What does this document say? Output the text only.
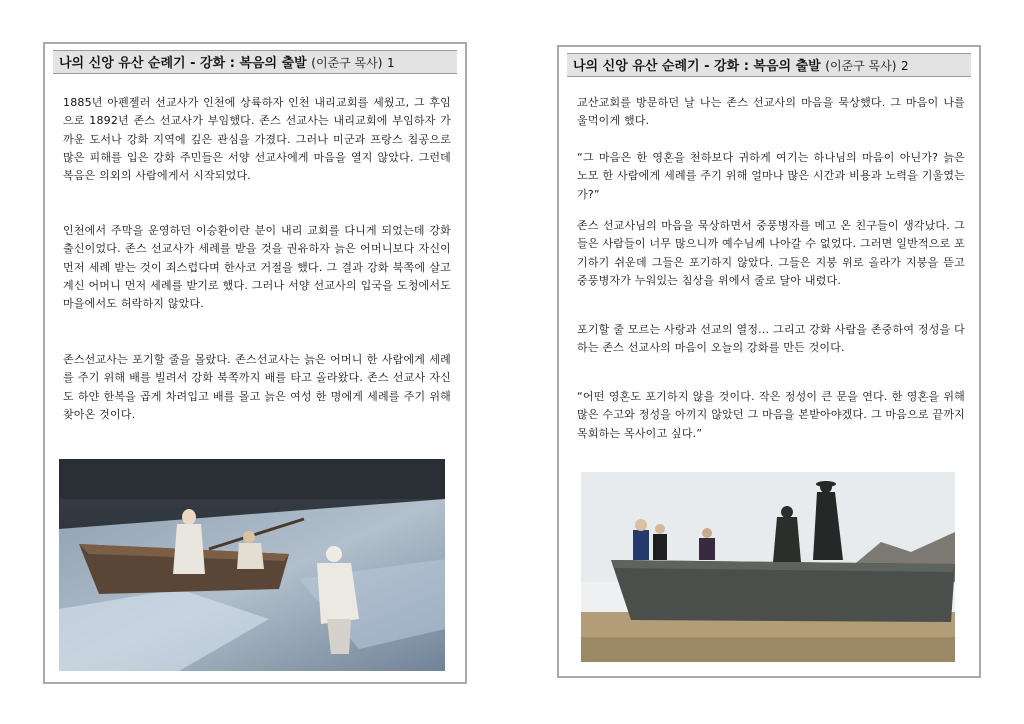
나의 신앙 유산 순례기 - 강화 : 복음의 출발 (이준구 목사) 1

1885년 아펜젤러 선교사가 인천에 상륙하자 인천 내리교회를 세웠고, 그 후임으로 1892년 존스 선교사가 부임했다. 존스 선교사는 내리교회에 부임하자 가까운 도서나 강화 지역에 깊은 관심을 가졌다. 그러나 미군과 프랑스 침공으로 많은 피해를 입은 강화 주민들은 서양 선교사에게 마음을 열지 않았다. 그런데 복음은 의외의 사람에게서 시작되었다.

인천에서 주막을 운영하던 이승환이란 분이 내리 교회를 다니게 되었는데 강화 출신이었다. 존스 선교사가 세례를 받을 것을 권유하자 늙은 어머니보다 자신이 먼저 세례 받는 것이 죄스럽다며 한사코 거절을 했다. 그 결과 강화 북쪽에 살고 계신 어머니 먼저 세례를 받기로 했다. 그러나 서양 선교사의 입국을 도청에서도 마을에서도 허락하지 않았다.

존스선교사는 포기할 줄을 몰랐다. 존스선교사는 늙은 어머니 한 사람에게 세례를 주기 위해 배를 빌려서 강화 북쪽까지 배를 타고 올라왔다. 존스 선교사 자신도 하얀 한복을 곱게 차려입고 배를 몰고 늙은 여성 한 명에게 세례를 주기 위해 찾아온 것이다.

나의 신앙 유산 순례기 - 강화 : 복음의 출발 (이준구 목사) 2

교산교회를 방문하던 날 나는 존스 선교사의 마음을 묵상했다. 그 마음이 나를 울먹이게 했다.

“그 마음은 한 영혼을 천하보다 귀하게 여기는 하나님의 마음이 아닌가? 늙은 노모 한 사람에게 세례를 주기 위해 얼마나 많은 시간과 비용과 노력을 기울였는가?”

존스 선교사님의 마음을 묵상하면서 중풍병자를 메고 온 친구들이 생각났다. 그들은 사람들이 너무 많으니까 예수님께 나아갈 수 없었다. 그러면 일반적으로 포기하기 쉬운데 그들은 포기하지 않았다. 그들은 지붕 위로 올라가 지붕을 뜯고 중풍병자가 누워있는 침상을 위에서 줄로 달아 내렸다.

포기할 줄 모르는 사랑과 선교의 열정... 그리고 강화 사람을 존중하여 정성을 다하는 존스 선교사의 마음이 오늘의 강화를 만든 것이다.

“어떤 영혼도 포기하지 않을 것이다. 작은 정성이 큰 문을 연다. 한 영혼을 위해 많은 수고와 정성을 아끼지 않았던 그 마음을 본받아야겠다. 그 마음으로 끝까지 목회하는 목사이고 싶다.”
